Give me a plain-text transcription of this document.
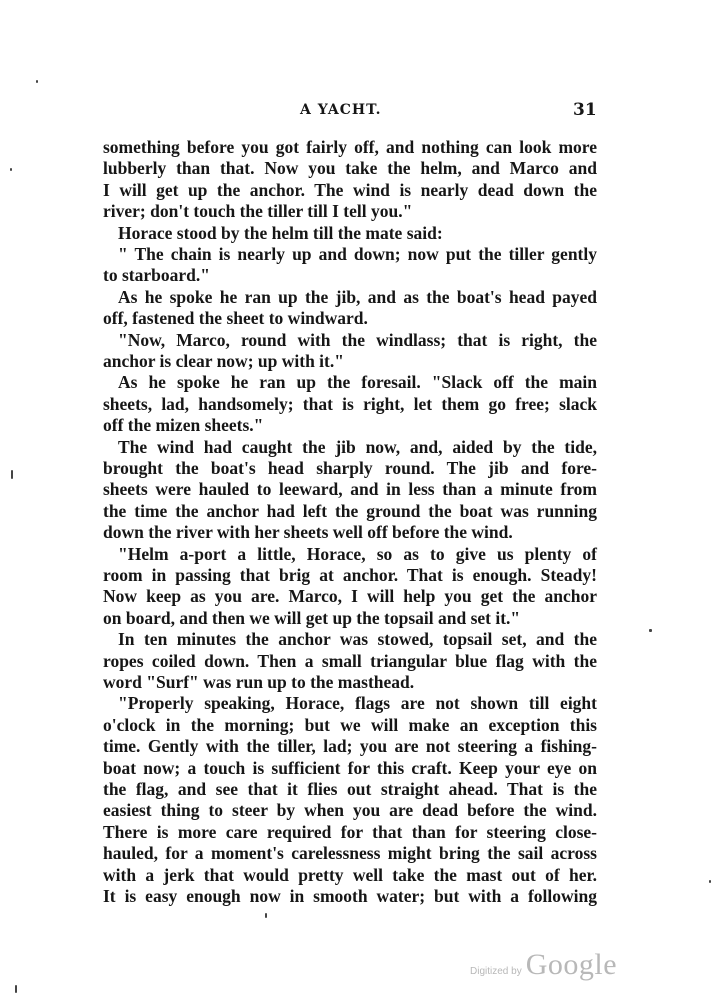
A YACHT.	31
something before you got fairly off, and nothing can look more
lubberly than that. Now you take the helm, and Marco and
I will get up the anchor. The wind is nearly dead down the
river; don't touch the tiller till I tell you."
Horace stood by the helm till the mate said:
" The chain is nearly up and down; now put the tiller gently
to starboard."
As he spoke he ran up the jib, and as the boat's head payed
off, fastened the sheet to windward.
"Now, Marco, round with the windlass; that is right, the
anchor is clear now; up with it."
As he spoke he ran up the foresail. "Slack off the main
sheets, lad, handsomely; that is right, let them go free; slack
off the mizen sheets."
The wind had caught the jib now, and, aided by the tide,
brought the boat's head sharply round. The jib and fore-
sheets were hauled to leeward, and in less than a minute from
the time the anchor had left the ground the boat was running
down the river with her sheets well off before the wind.
"Helm a-port a little, Horace, so as to give us plenty of
room in passing that brig at anchor. That is enough. Steady!
Now keep as you are. Marco, I will help you get the anchor
on board, and then we will get up the topsail and set it."
In ten minutes the anchor was stowed, topsail set, and the
ropes coiled down. Then a small triangular blue flag with the
word "Surf" was run up to the masthead.
"Properly speaking, Horace, flags are not shown till eight
o'clock in the morning; but we will make an exception this
time. Gently with the tiller, lad; you are not steering a fishing-
boat now; a touch is sufficient for this craft. Keep your eye on
the flag, and see that it flies out straight ahead. That is the
easiest thing to steer by when you are dead before the wind.
There is more care required for that than for steering close-
hauled, for a moment's carelessness might bring the sail across
with a jerk that would pretty well take the mast out of her.
It is easy enough now in smooth water; but with a following
Digitized by Google
